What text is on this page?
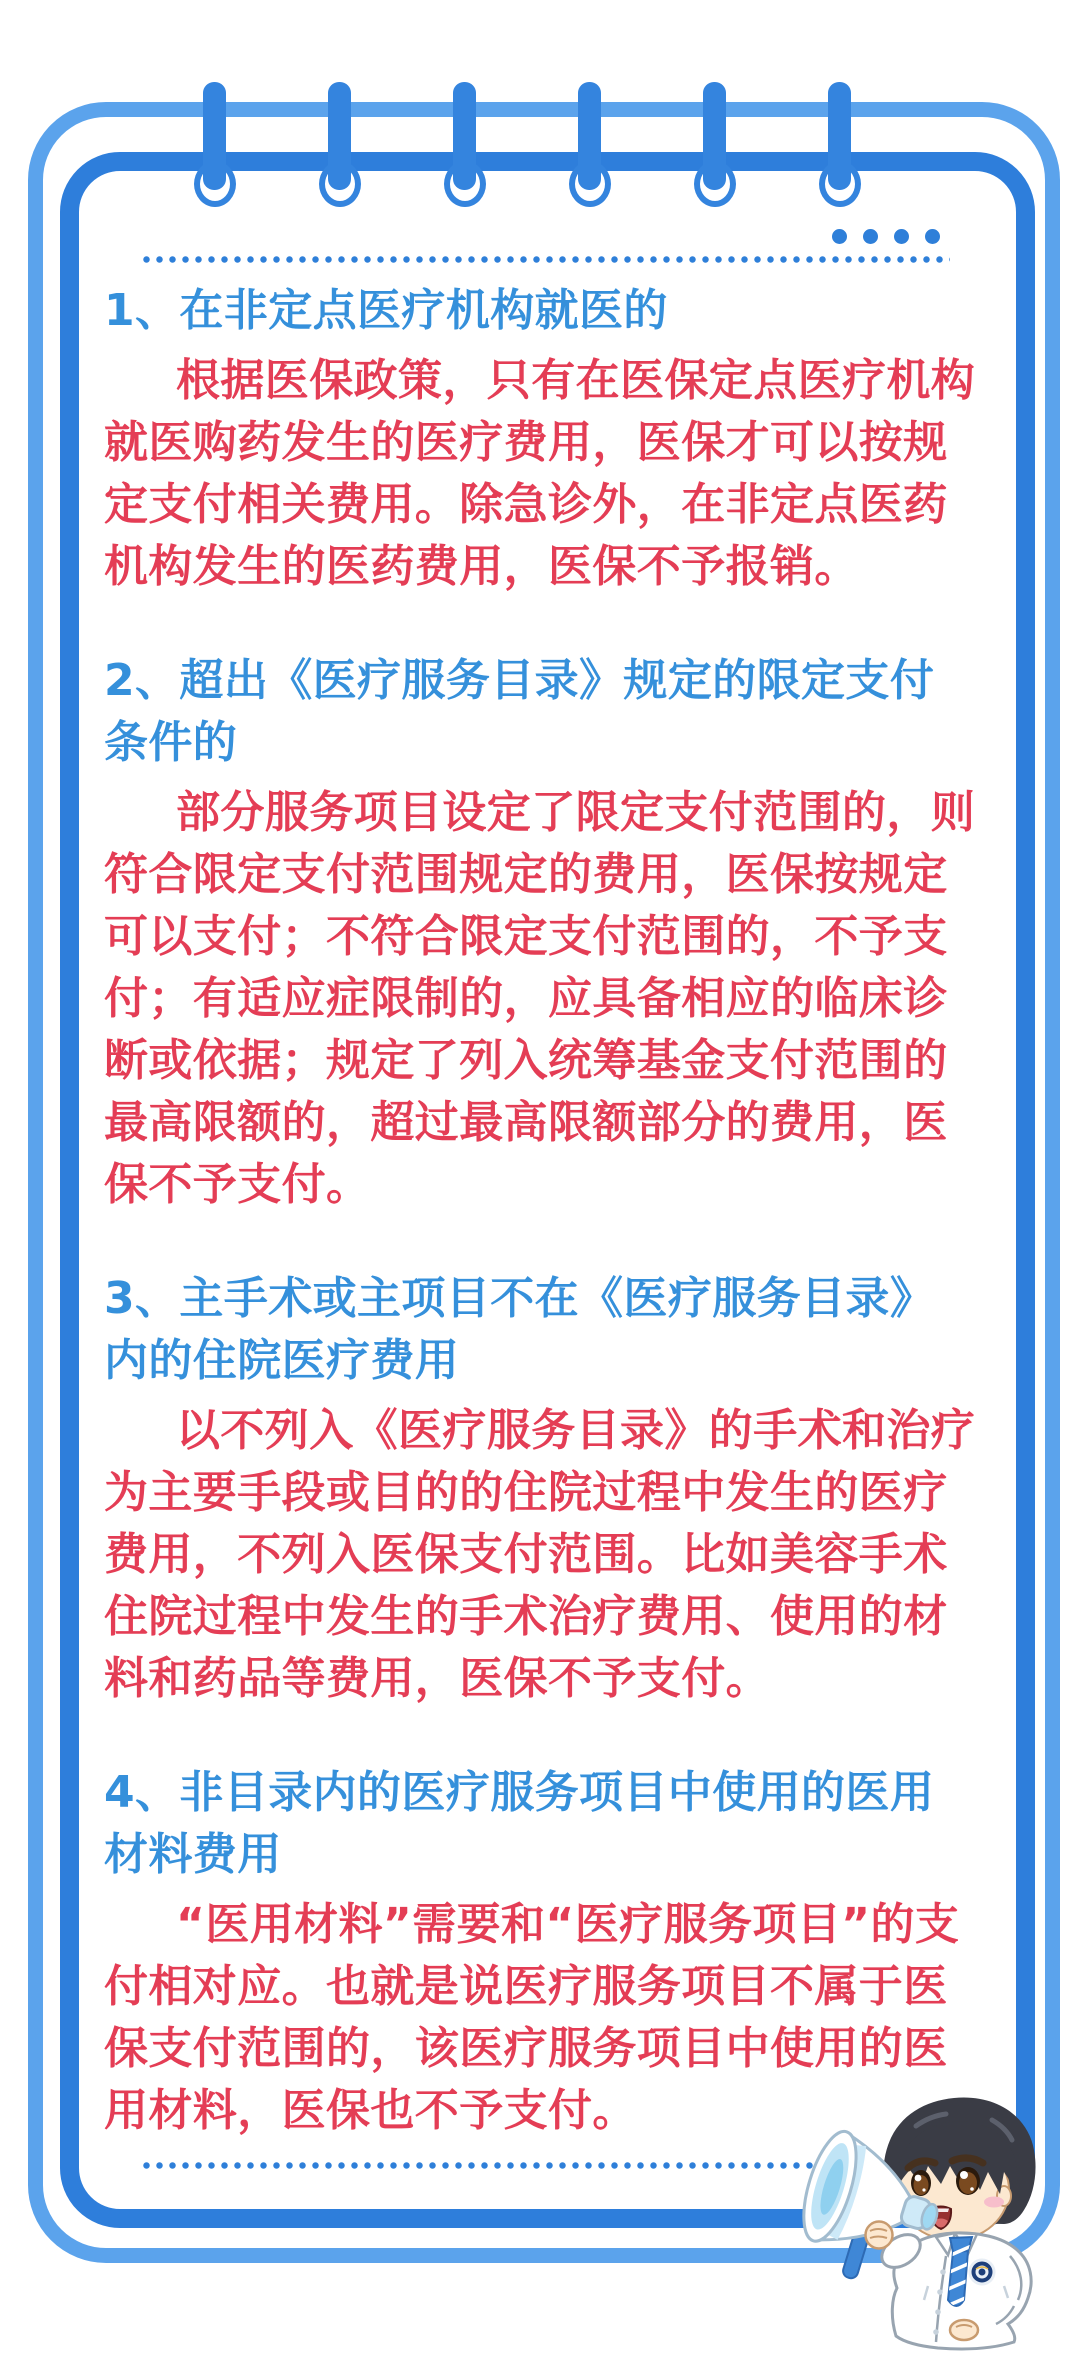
1、在非定点医疗机构就医的

根据医保政策，只有在医保定点医疗机构就医购药发生的医疗费用，医保才可以按规定支付相关费用。除急诊外，在非定点医药机构发生的医药费用，医保不予报销。

2、超出《医疗服务目录》规定的限定支付条件的

部分服务项目设定了限定支付范围的，则符合限定支付范围规定的费用，医保按规定可以支付；不符合限定支付范围的，不予支付；有适应症限制的，应具备相应的临床诊断或依据；规定了列入统筹基金支付范围的最高限额的，超过最高限额部分的费用，医保不予支付。

3、主手术或主项目不在《医疗服务目录》内的住院医疗费用

以不列入《医疗服务目录》的手术和治疗为主要手段或目的的住院过程中发生的医疗费用，不列入医保支付范围。比如美容手术住院过程中发生的手术治疗费用、使用的材料和药品等费用，医保不予支付。

4、非目录内的医疗服务项目中使用的医用材料费用

“医用材料”需要和“医疗服务项目”的支付相对应。也就是说医疗服务项目不属于医保支付范围的，该医疗服务项目中使用的医用材料，医保也不予支付。
